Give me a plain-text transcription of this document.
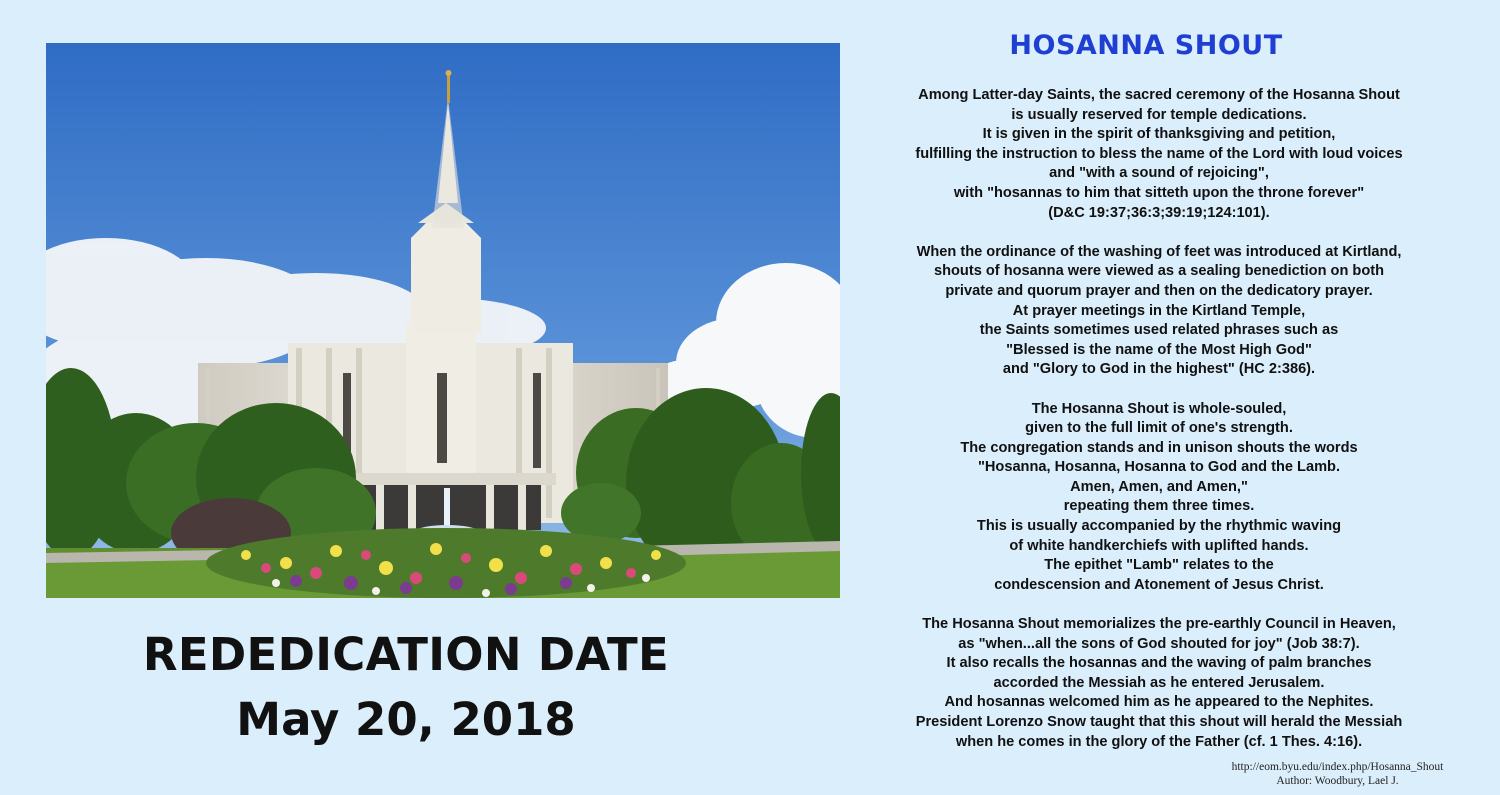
REDEDICATION DATE
May 20, 2018
HOSANNA SHOUT
Among Latter-day Saints, the sacred ceremony of the Hosanna Shout
is usually reserved for temple dedications.
It is given in the spirit of thanksgiving and petition,
fulfilling the instruction to bless the name of the Lord with loud voices
and "with a sound of rejoicing",
with "hosannas to him that sitteth upon the throne forever"
(D&C 19:37;36:3;39:19;124:101).
When the ordinance of the washing of feet was introduced at Kirtland,
shouts of hosanna were viewed as a sealing benediction on both
private and quorum prayer and then on the dedicatory prayer.
At prayer meetings in the Kirtland Temple,
the Saints sometimes used related phrases such as
"Blessed is the name of the Most High God"
and "Glory to God in the highest" (HC 2:386).
The Hosanna Shout is whole-souled,
given to the full limit of one's strength.
The congregation stands and in unison shouts the words
"Hosanna, Hosanna, Hosanna to God and the Lamb.
Amen, Amen, and Amen,"
repeating them three times.
This is usually accompanied by the rhythmic waving
of white handkerchiefs with uplifted hands.
The epithet "Lamb" relates to the
condescension and Atonement of Jesus Christ.
The Hosanna Shout memorializes the pre-earthly Council in Heaven,
as "when...all the sons of God shouted for joy" (Job 38:7).
It also recalls the hosannas and the waving of palm branches
accorded the Messiah as he entered Jerusalem.
And hosannas welcomed him as he appeared to the Nephites.
President Lorenzo Snow taught that this shout will herald the Messiah
when he comes in the glory of the Father (cf. 1 Thes. 4:16).
http://eom.byu.edu/index.php/Hosanna_Shout
Author: Woodbury, Lael J.
